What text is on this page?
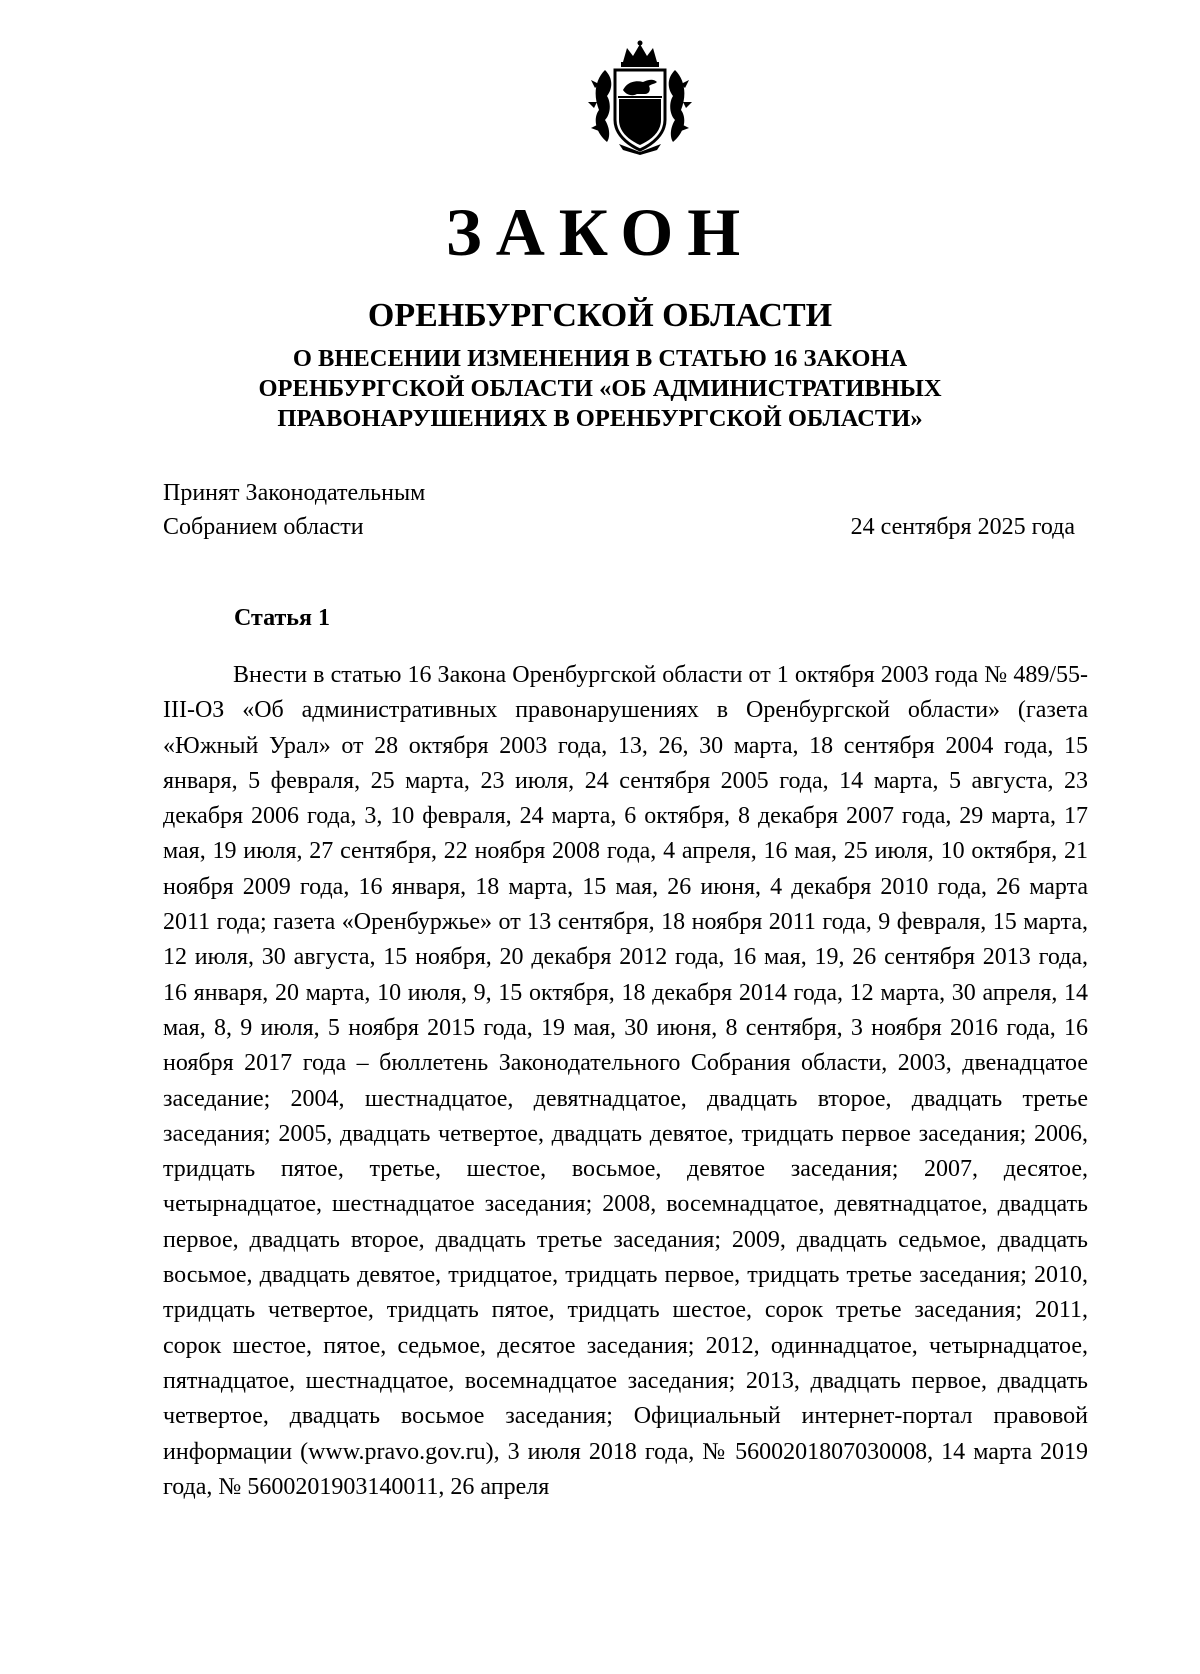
ЗАКОН
ОРЕНБУРГСКОЙ ОБЛАСТИ
О ВНЕСЕНИИ ИЗМЕНЕНИЯ В СТАТЬЮ 16 ЗАКОНА
ОРЕНБУРГСКОЙ ОБЛАСТИ «ОБ АДМИНИСТРАТИВНЫХ
ПРАВОНАРУШЕНИЯХ В ОРЕНБУРГСКОЙ ОБЛАСТИ»
Принят Законодательным
Собранием области	24 сентября 2025 года
Статья 1

Внести в статью 16 Закона Оренбургской области от 1 октября 2003 года № 489/55-III-ОЗ «Об административных правонарушениях в Оренбургской области» (газета «Южный Урал» от 28 октября 2003 года, 13, 26, 30 марта, 18 сентября 2004 года, 15 января, 5 февраля, 25 марта, 23 июля, 24 сентября 2005 года, 14 марта, 5 августа, 23 декабря 2006 года, 3, 10 февраля, 24 марта, 6 октября, 8 декабря 2007 года, 29 марта, 17 мая, 19 июля, 27 сентября, 22 ноября 2008 года, 4 апреля, 16 мая, 25 июля, 10 октября, 21 ноября 2009 года, 16 января, 18 марта, 15 мая, 26 июня, 4 декабря 2010 года, 26 марта 2011 года; газета «Оренбуржье» от 13 сентября, 18 ноября 2011 года, 9 февраля, 15 марта, 12 июля, 30 августа, 15 ноября, 20 декабря 2012 года, 16 мая, 19, 26 сентября 2013 года, 16 января, 20 марта, 10 июля, 9, 15 октября, 18 декабря 2014 года, 12 марта, 30 апреля, 14 мая, 8, 9 июля, 5 ноября 2015 года, 19 мая, 30 июня, 8 сентября, 3 ноября 2016 года, 16 ноября 2017 года – бюллетень Законодательного Собрания области, 2003, двенадцатое заседание; 2004, шестнадцатое, девятнадцатое, двадцать второе, двадцать третье заседания; 2005, двадцать четвертое, двадцать девятое, тридцать первое заседания; 2006, тридцать пятое, третье, шестое, восьмое, девятое заседания; 2007, десятое, четырнадцатое, шестнадцатое заседания; 2008, восемнадцатое, девятнадцатое, двадцать первое, двадцать второе, двадцать третье заседания; 2009, двадцать седьмое, двадцать восьмое, двадцать девятое, тридцатое, тридцать первое, тридцать третье заседания; 2010, тридцать четвертое, тридцать пятое, тридцать шестое, сорок третье заседания; 2011, сорок шестое, пятое, седьмое, десятое заседания; 2012, одиннадцатое, четырнадцатое, пятнадцатое, шестнадцатое, восемнадцатое заседания; 2013, двадцать первое, двадцать четвертое, двадцать восьмое заседания; Официальный интернет-портал правовой информации (www.pravo.gov.ru), 3 июля 2018 года, № 5600201807030008, 14 марта 2019 года, № 5600201903140011, 26 апреля
